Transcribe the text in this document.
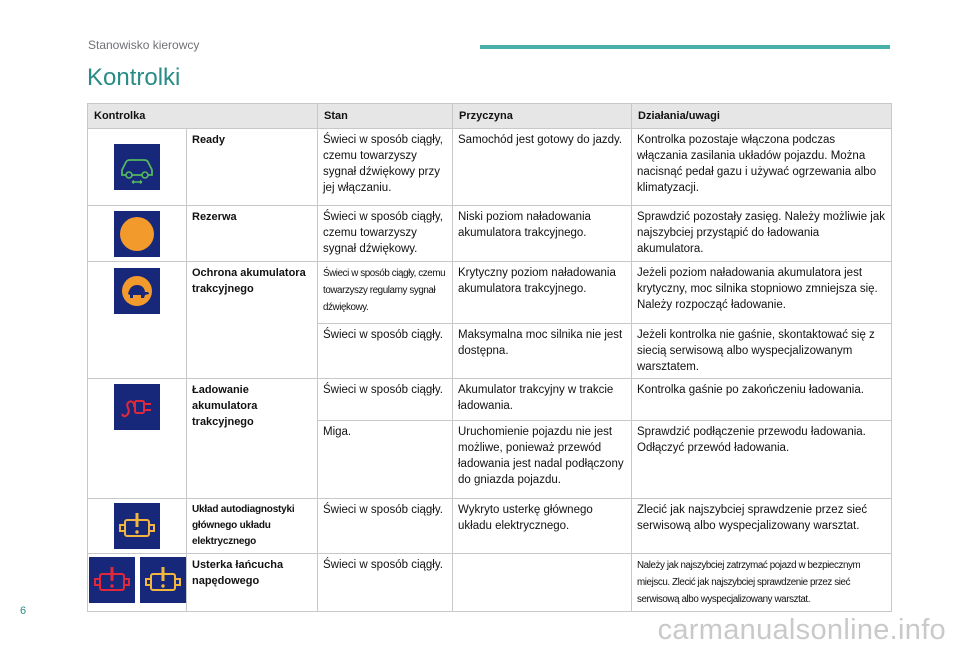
Stanowisko kierowcy
Kontrolki
Kontrolka		Stan	Przyczyna	Działania/uwagi

	Ready	Świeci w sposób ciągły, czemu towarzyszy sygnał dźwiękowy przy jej włączaniu.	Samochód jest gotowy do jazdy.	Kontrolka pozostaje włączona podczas włączania zasilania układów pojazdu. Można nacisnąć pedał gazu i używać ogrzewania albo klimatyzacji.

	Rezerwa	Świeci w sposób ciągły, czemu towarzyszy sygnał dźwiękowy.	Niski poziom naładowania akumulatora trakcyjnego.	Sprawdzić pozostały zasięg. Należy możliwie jak najszybciej przystąpić do ładowania akumulatora.

	Ochrona akumulatora trakcyjnego	Świeci w sposób ciągły, czemu towarzyszy regularny sygnał dźwiękowy.	Krytyczny poziom naładowania akumulatora trakcyjnego.	Jeżeli poziom naładowania akumulatora jest krytyczny, moc silnika stopniowo zmniejsza się. Należy rozpocząć ładowanie.
		Świeci w sposób ciągły.	Maksymalna moc silnika nie jest dostępna.	Jeżeli kontrolka nie gaśnie, skontaktować się z siecią serwisową albo wyspecjalizowanym warsztatem.

	Ładowanie akumulatora trakcyjnego	Świeci w sposób ciągły.	Akumulator trakcyjny w trakcie ładowania.	Kontrolka gaśnie po zakończeniu ładowania.
		Miga.	Uruchomienie pojazdu nie jest możliwe, ponieważ przewód ładowania jest nadal podłączony do gniazda pojazdu.	Sprawdzić podłączenie przewodu ładowania. Odłączyć przewód ładowania.

	Układ autodiagnostyki głównego układu elektrycznego	Świeci w sposób ciągły.	Wykryto usterkę głównego układu elektrycznego.	Zlecić jak najszybciej sprawdzenie przez sieć serwisową albo wyspecjalizowany warsztat.

	Usterka łańcucha napędowego	Świeci w sposób ciągły.		Należy jak najszybciej zatrzymać pojazd w bezpiecznym miejscu. Zlecić jak najszybciej sprawdzenie przez sieć serwisową albo wyspecjalizowany warsztat.
6
carmanualsonline.info
